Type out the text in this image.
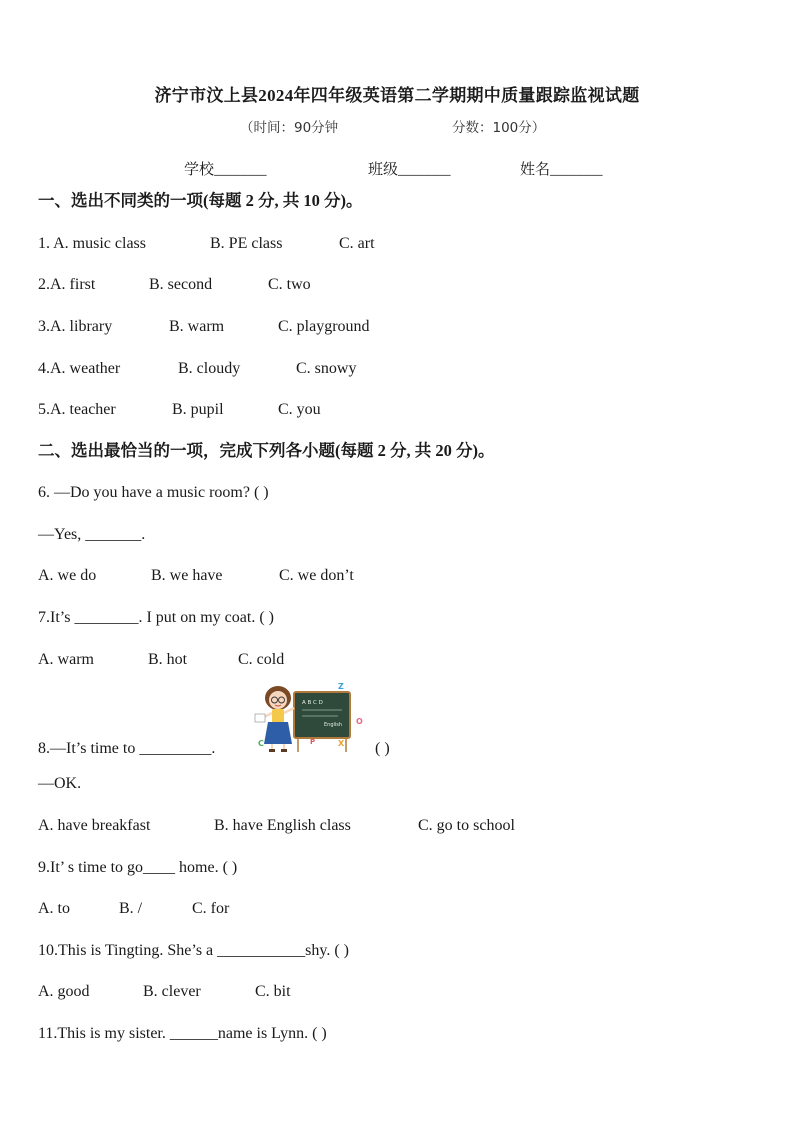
济宁市汶上县2024年四年级英语第二学期期中质量跟踪监视试题
（时间：90分钟	分数：100分）
学校_______	班级_______	姓名_______
一、选出不同类的一项(每题 2 分, 共 10 分)。
1. A. music class	B. PE class	C. art
2.A. first	B. second	C. two
3.A. library	B. warm	C. playground
4.A. weather	B. cloudy	C. snowy
5.A. teacher	B. pupil	C. you
二、选出最恰当的一项，完成下列各小题(每题 2 分, 共 20 分)。
6. —Do you have a music room? ( )
—Yes, _______.
A. we do	B. we have	C. we don’t
7.It’s ________. I put on my coat. ( )
A. warm	B. hot	C. cold
A B C D
English
Z
O
C	X
P
8.—It’s time to _________.	( )
—OK.
A. have breakfast	B. have English class	C. go to school
9.It’ s time to go____ home. ( )
A. to	B. /	C. for
10.This is Tingting. She’s a ___________shy. ( )
A. good	B. clever	C. bit
11.This is my sister. ______name is Lynn. ( )
